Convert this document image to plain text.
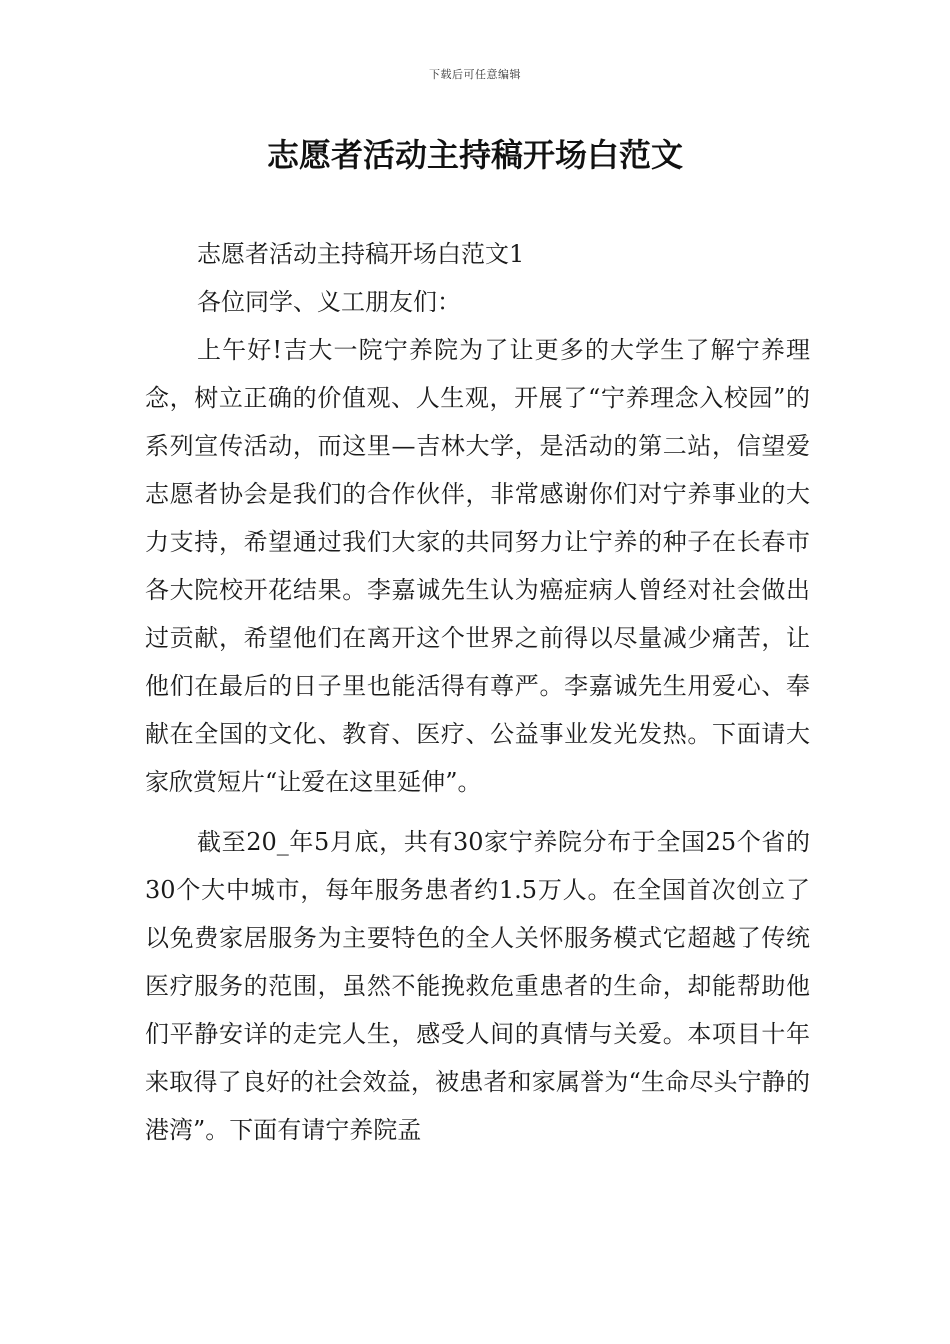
下载后可任意编辑
志愿者活动主持稿开场白范文

志愿者活动主持稿开场白范文1

各位同学、义工朋友们：

上午好!吉大一院宁养院为了让更多的大学生了解宁养理念，树立正确的价值观、人生观，开展了“宁养理念入校园”的系列宣传活动，而这里—吉林大学，是活动的第二站，信望爱志愿者协会是我们的合作伙伴，非常感谢你们对宁养事业的大力支持，希望通过我们大家的共同努力让宁养的种子在长春市各大院校开花结果。李嘉诚先生认为癌症病人曾经对社会做出过贡献，希望他们在离开这个世界之前得以尽量减少痛苦，让他们在最后的日子里也能活得有尊严。李嘉诚先生用爱心、奉献在全国的文化、教育、医疗、公益事业发光发热。下面请大家欣赏短片“让爱在这里延伸”。

截至20_年5月底，共有30家宁养院分布于全国25个省的30个大中城市，每年服务患者约1.5万人。在全国首次创立了以免费家居服务为主要特色的全人关怀服务模式它超越了传统医疗服务的范围，虽然不能挽救危重患者的生命，却能帮助他们平静安详的走完人生，感受人间的真情与关爱。本项目十年来取得了良好的社会效益，被患者和家属誉为“生命尽头宁静的港湾”。下面有请宁养院孟
